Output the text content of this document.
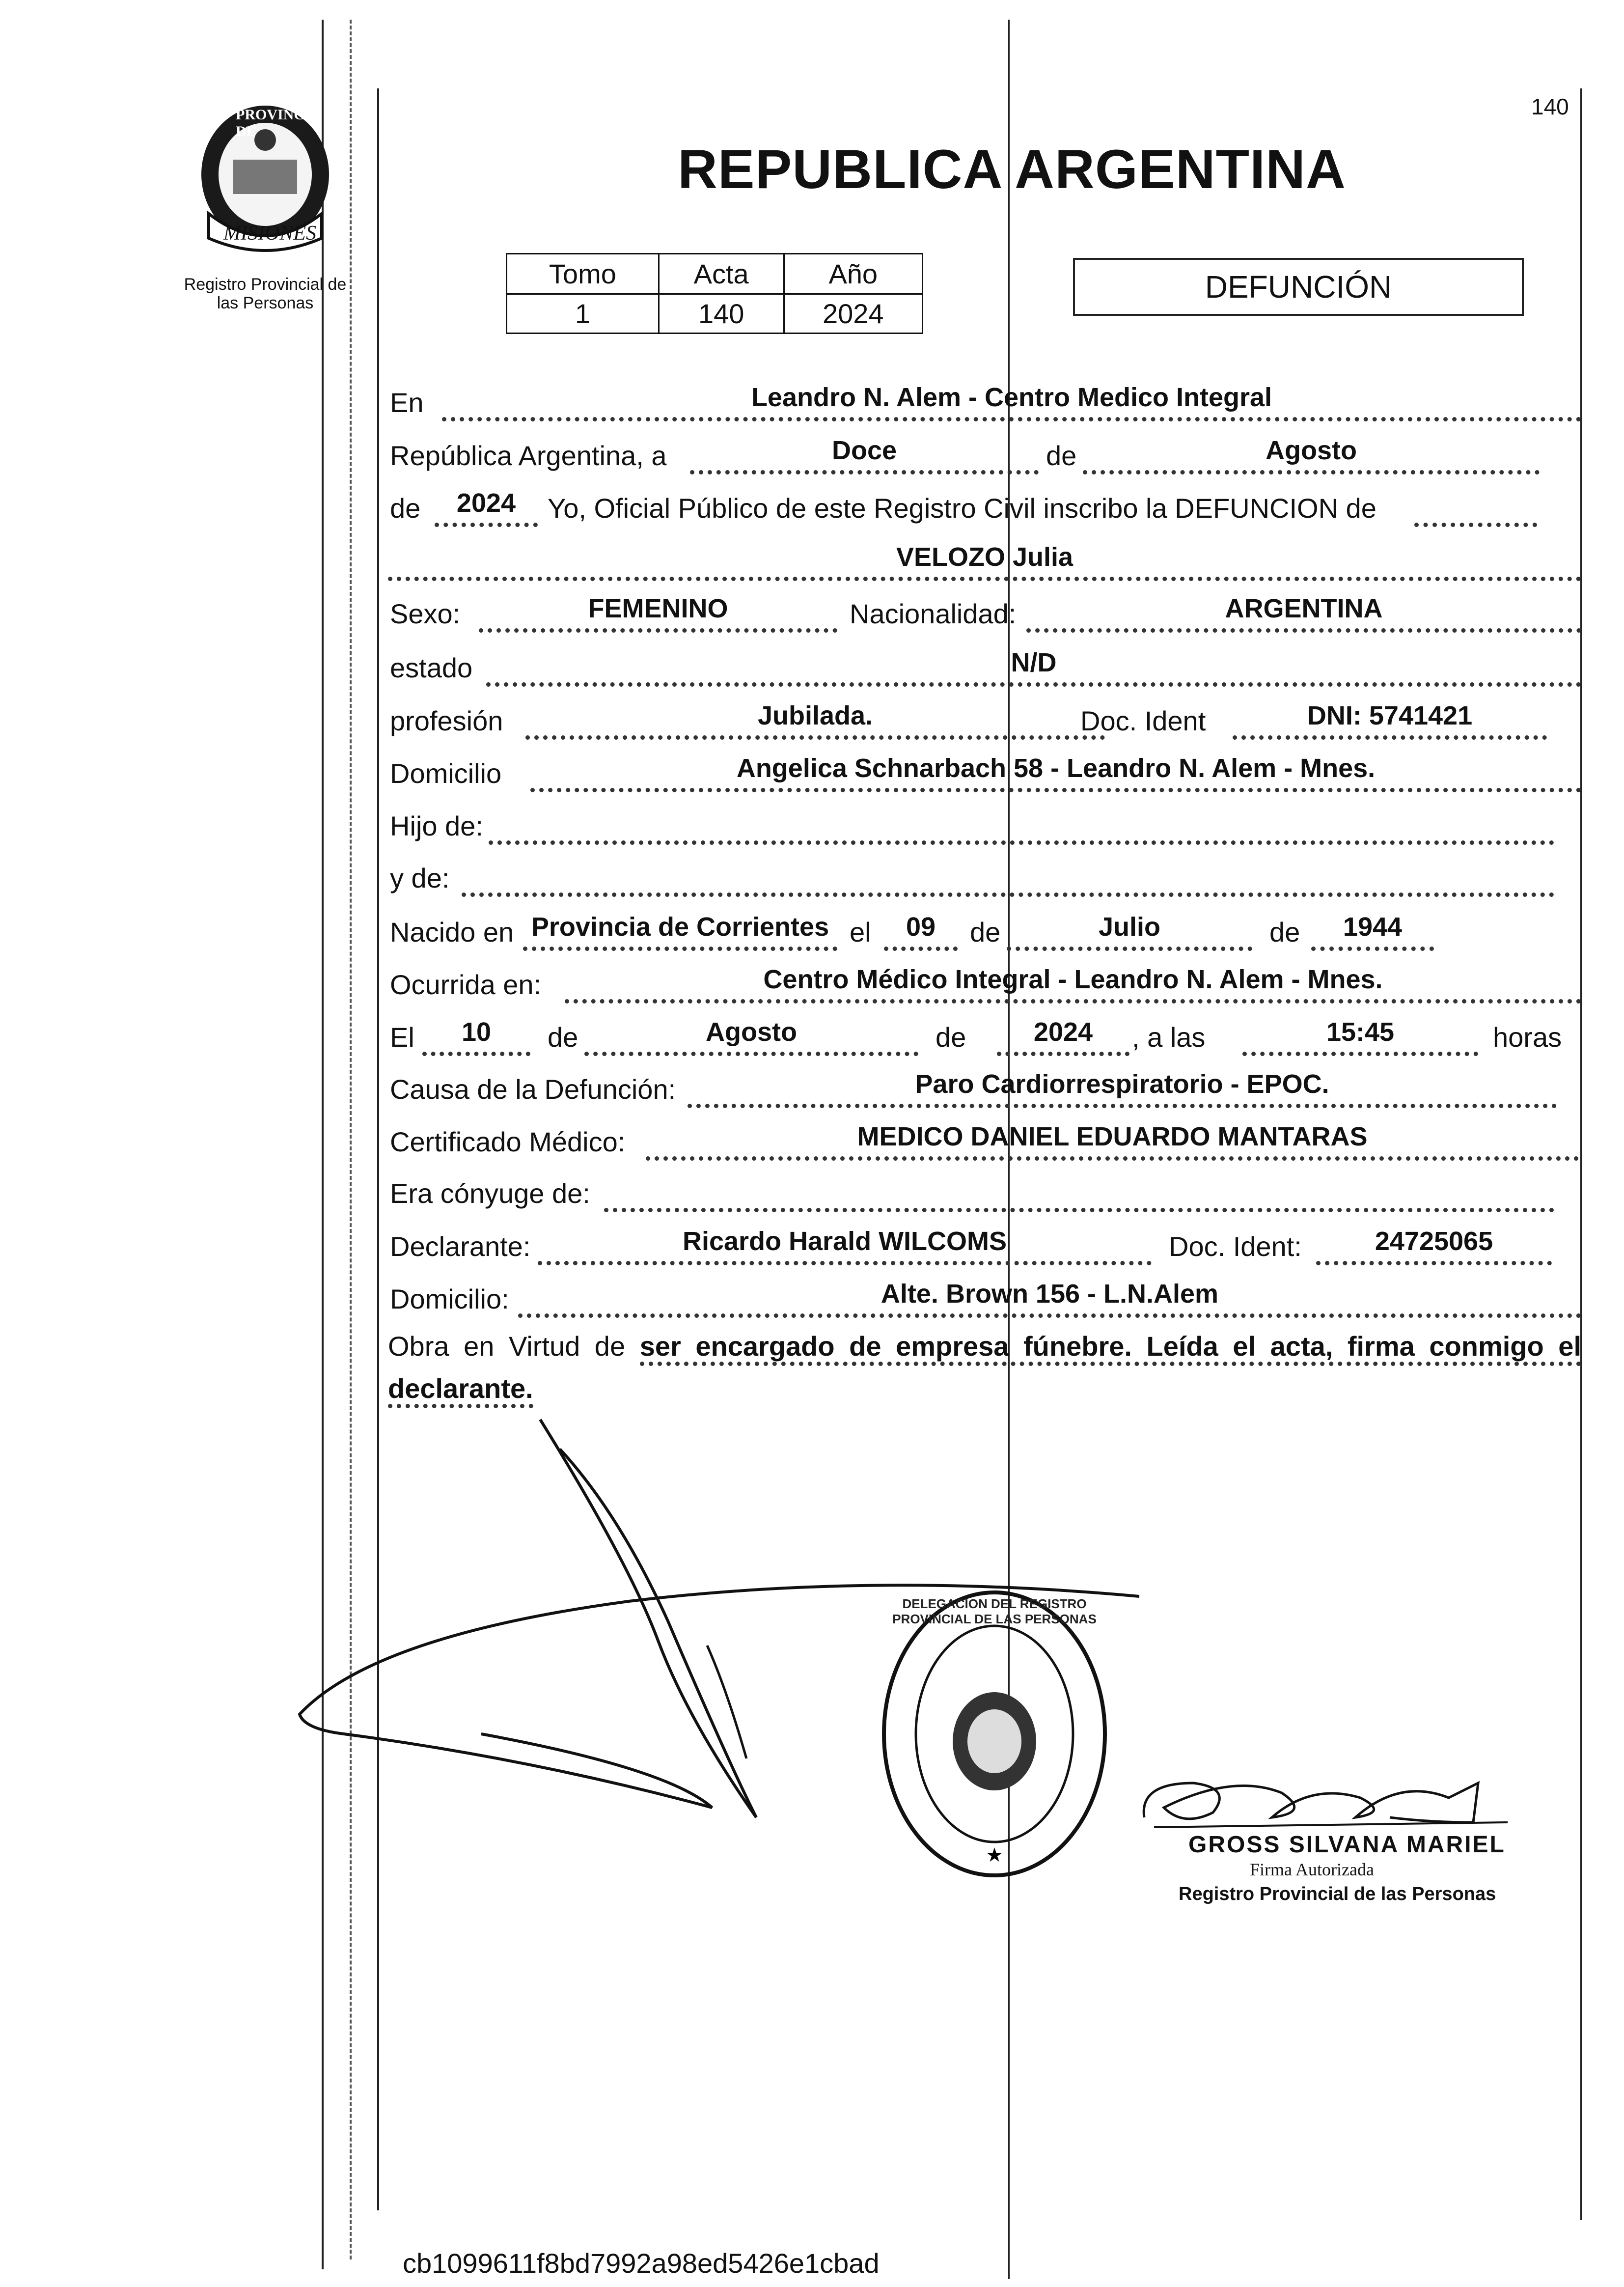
140
PROVINCIA DE
MISIONES
Registro Provincial de
las Personas
REPUBLICA ARGENTINA
Tomo	Acta	Año
1	140	2024
DEFUNCIÓN
En	Leandro N. Alem - Centro Medico Integral
República Argentina, a	Doce	de	Agosto
de	2024	Yo, Oficial Público de este Registro Civil inscribo la DEFUNCION de
VELOZO Julia
Sexo:	FEMENINO	Nacionalidad:	ARGENTINA
estado	N/D
profesión	Jubilada.	Doc. Ident	DNI: 5741421
Domicilio	Angelica Schnarbach 58 - Leandro N. Alem - Mnes.
Hijo de:
y de:
Nacido en Provincia de Corrientes el	09	de	Julio	de	1944
Ocurrida en:	Centro Médico Integral - Leandro N. Alem - Mnes.
El	10	de	Agosto	de	2024	, a las	15:45	horas
Causa de la Defunción:	Paro Cardiorrespiratorio - EPOC.
Certificado Médico:	MEDICO DANIEL EDUARDO MANTARAS
Era cónyuge de:
Declarante:	Ricardo Harald WILCOMS	Doc. Ident:	24725065
Domicilio:	Alte. Brown 156 - L.N.Alem
Obra en Virtud de ser encargado de empresa fúnebre. Leída el acta, firma conmigo el declarante.
★
DELEGACION DEL REGISTRO PROVINCIAL DE LAS PERSONAS
GROSS SILVANA MARIEL
Firma Autorizada
Registro Provincial de las Personas
cb1099611f8bd7992a98ed5426e1cbad
